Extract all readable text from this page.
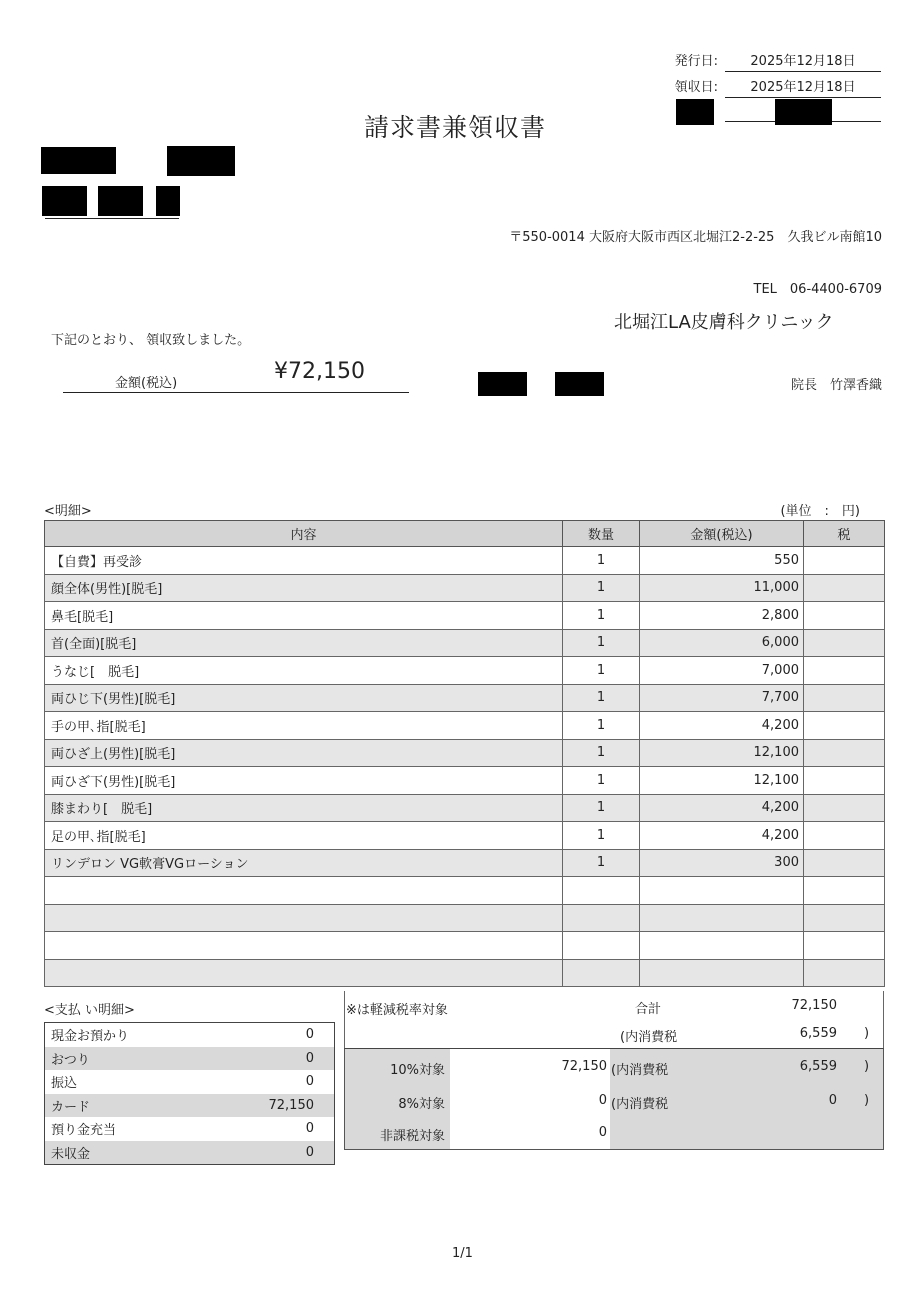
発行日:	2025年12月18日
領収日:	2025年12月18日
請求書兼領収書
〒550-0014 大阪府大阪市西区北堀江2-2-25　久我ビル南館10
TEL　06-4400-6709
北堀江LA皮膚科クリニック
院長　竹澤香織
下記のとおり、 領収致しました。
金額(税込)	¥72,150
<明細>	(単位　:　円)
内容	数量	金額(税込)	税
【自費】再受診	1	550	
顔全体(男性)[脱毛]	1	11,000	
鼻毛[脱毛]	1	2,800	
首(全面)[脱毛]	1	6,000	
うなじ[　脱毛]	1	7,000	
両ひじ下(男性)[脱毛]	1	7,700	
手の甲､指[脱毛]	1	4,200	
両ひざ上(男性)[脱毛]	1	12,100	
両ひざ下(男性)[脱毛]	1	12,100	
膝まわり[　脱毛]	1	4,200	
足の甲､指[脱毛]	1	4,200	
リンデロン VG軟膏VGローション	1	300	

<支払 い明細>
現金お預かり	0
おつり	0
振込	0
カード	72,150
預り金充当	0
未収金	0
※は軽減税率対象	合計	72,150
(内消費税	6,559 )
10%対象	72,150 (内消費税	6,559 )
8%対象	0 (内消費税	0 )
非課税対象	0
1/1
